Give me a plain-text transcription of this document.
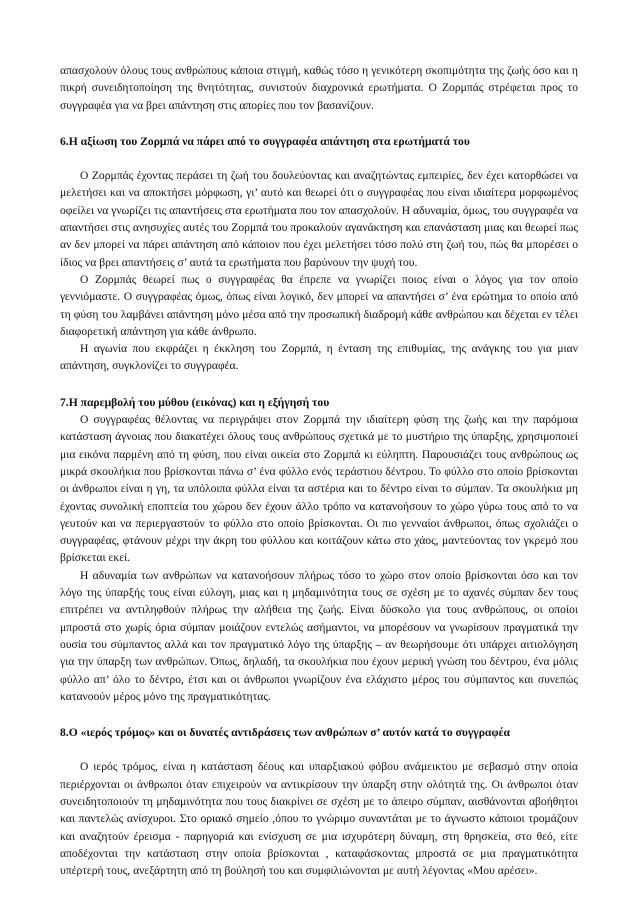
απασχολούν όλους τους ανθρώπους κάποια στιγμή, καθώς τόσο η γενικότερη σκοπιμότητα της ζωής όσο και η πικρή συνειδητοποίηση της θνητότητας, συνιστούν διαχρονικά ερωτήματα. Ο Ζορμπάς στρέφεται προς το συγγραφέα για να βρει απάντηση στις απορίες που τον βασανίζουν.

6.Η αξίωση του Ζορμπά να πάρει από το συγγραφέα απάντηση στα ερωτήματά του

Ο Ζορμπάς έχοντας περάσει τη ζωή του δουλεύοντας και αναζητώντας εμπειρίες, δεν έχει κατορθώσει να μελετήσει και να αποκτήσει μόρφωση, γι’ αυτό και θεωρεί ότι ο συγγραφέας που είναι ιδιαίτερα μορφωμένος οφείλει να γνωρίζει τις απαντήσεις στα ερωτήματα που τον απασχολούν. Η αδυναμία, όμως, του συγγραφέα να απαντήσει στις ανησυχίες αυτές του Ζορμπά του προκαλούν αγανάκτηση και επανάσταση μιας και θεωρεί πως αν δεν μπορεί να πάρει απάντηση από κάποιον που έχει μελετήσει τόσο πολύ στη ζωή του, πώς θα μπορέσει ο ίδιος να βρει απαντήσεις σ’ αυτά τα ερωτήματα που βαρύνουν την ψυχή του.

Ο Ζορμπάς θεωρεί πως ο συγγραφέας θα έπρεπε να γνωρίζει ποιος είναι ο λόγος για τον οποίο γεννιόμαστε. Ο συγγραφέας όμως, όπως είναι λογικό, δεν μπορεί να απαντήσει σ’ ένα ερώτημα το οποίο από τη φύση του λαμβάνει απάντηση μόνο μέσα από την προσωπική διαδρομή κάθε ανθρώπου και δέχεται εν τέλει διαφορετική απάντηση για κάθε άνθρωπο.

Η αγωνία που εκφράζει η έκκληση του Ζορμπά, η ένταση της επιθυμίας, της ανάγκης του για μιαν απάντηση, συγκλονίζει το συγγραφέα.

7.Η παρεμβολή του μύθου (εικόνας) και η εξήγησή του

Ο συγγραφέας θέλοντας να περιγράψει στον Ζορμπά την ιδιαίτερη φύση της ζωής και την παρόμοια κατάσταση άγνοιας που διακατέχει όλους τους ανθρώπους σχετικά με το μυστήριο της ύπαρξης, χρησιμοποιεί μια εικόνα παρμένη από τη φύση, που είναι οικεία στο Ζορμπά κι εύληπτη. Παρουσιάζει τους ανθρώπους ως μικρά σκουλήκια που βρίσκονται πάνω σ’ ένα φύλλο ενός τεράστιου δέντρου. Το φύλλο στο οποίο βρίσκονται οι άνθρωποι είναι η γη, τα υπόλοιπα φύλλα είναι τα αστέρια και το δέντρο είναι το σύμπαν. Τα σκουλήκια μη έχοντας συνολική εποπτεία του χώρου δεν έχουν άλλο τρόπο να κατανοήσουν το χώρο γύρω τους από το να γευτούν και να περιεργαστούν το φύλλο στο οποίο βρίσκονται. Οι πιο γενναίοι άνθρωποι, όπως σχολιάζει ο συγγραφέας, φτάνουν μέχρι την άκρη του φύλλου και κοιτάζουν κάτω στο χάος, μαντεύοντας τον γκρεμό που βρίσκεται εκεί.

Η αδυναμία των ανθρώπων να κατανοήσουν πλήρως τόσο το χώρο στον οποίο βρίσκονται όσο και τον λόγο της ύπαρξής τους είναι εύλογη, μιας και η μηδαμινότητα τους σε σχέση με το αχανές σύμπαν δεν τους επιτρέπει να αντιληφθούν πλήρως την αλήθεια της ζωής. Είναι δύσκολο για τους ανθρώπους, οι οποίοι μπροστά στο χωρίς όρια σύμπαν μοιάζουν εντελώς ασήμαντοι, να μπορέσουν να γνωρίσουν πραγματικά την ουσία του σύμπαντος αλλά και τον πραγματικό λόγο της ύπαρξης – αν θεωρήσουμε ότι υπάρχει αιτιολόγηση για την ύπαρξη των ανθρώπων. Όπως, δηλαδή, τα σκουλήκια που έχουν μερική γνώση του δέντρου, ένα μόλις φύλλο απ’ όλο το δέντρο, έτσι και οι άνθρωποι γνωρίζουν ένα ελάχιστο μέρος του σύμπαντος και συνεπώς κατανοούν μέρος μόνο της πραγματικότητας.

8.Ο «ιερός τρόμος» και οι δυνατές αντιδράσεις των ανθρώπων σ’ αυτόν κατά το συγγραφέα

Ο ιερός τρόμος, είναι η κατάσταση δέους και υπαρξιακού φόβου ανάμεικτου με σεβασμό στην οποία περιέρχονται οι άνθρωποι όταν επιχειρούν να αντικρίσουν την ύπαρξη στην ολότητά της. Οι άνθρωποι όταν συνειδητοποιούν τη μηδαμινότητα που τους διακρίνει σε σχέση με το άπειρο σύμπαν, αισθάνονται αβοήθητοι και παντελώς ανίσχυροι. Στο οριακό σημείο ,όπου το γνώριμο συναντάται με το άγνωστο κάποιοι τρομάζουν και αναζητούν έρεισμα - παρηγοριά και ενίσχυση σε μια ισχυρότερη δύναμη, στη θρησκεία, στο θεό, είτε αποδέχονται την κατάσταση στην οποία βρίσκονται , καταφάσκοντας μπροστά σε μια πραγματικότητα υπέρτερή τους, ανεξάρτητη από τη βούλησή του και συμφιλιώνονται με αυτή λέγοντας «Μου αρέσει».
